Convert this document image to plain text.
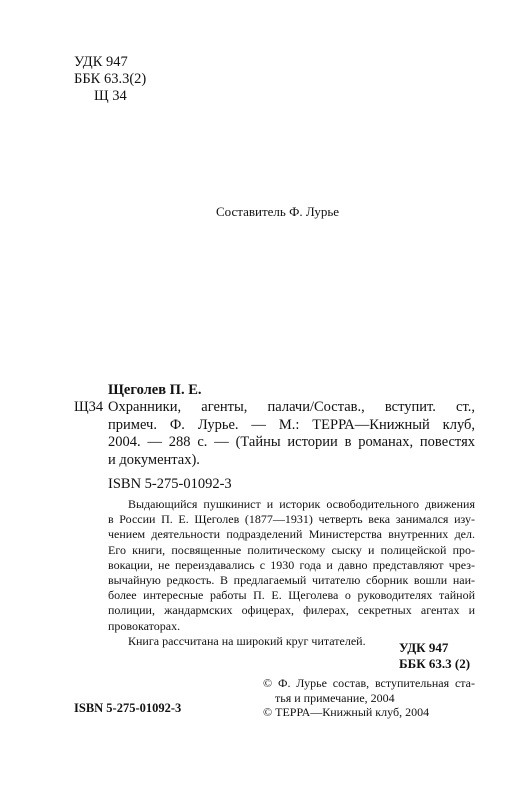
УДК 947
ББК 63.3(2)
Щ 34
Составитель Ф. Лурье
Щеголев П. Е.
Щ34 Охранники, агенты, палачи/Состав., вступит. ст.,
примеч. Ф. Лурье. — М.: ТЕРРА—Книжный клуб,
2004. — 288 с. — (Тайны истории в романах, повестях
и документах).
ISBN 5-275-01092-3
Выдающийся пушкинист и историк освободительного движения
в России П. Е. Щеголев (1877—1931) четверть века занимался изу-
чением деятельности подразделений Министерства внутренних дел.
Его книги, посвященные политическому сыску и полицейской про-
вокации, не переиздавались с 1930 года и давно представляют чрез-
вычайную редкость. В предлагаемый читателю сборник вошли наи-
более интересные работы П. Е. Щеголева о руководителях тайной
полиции, жандармских офицерах, филерах, секретных агентах и
провокаторах.
Книга рассчитана на широкий круг читателей.	УДК 947
ББК 63.3 (2)
© Ф. Лурье состав, вступительная ста-
тья и примечание, 2004
© ТЕРРА—Книжный клуб, 2004
ISBN 5-275-01092-3
